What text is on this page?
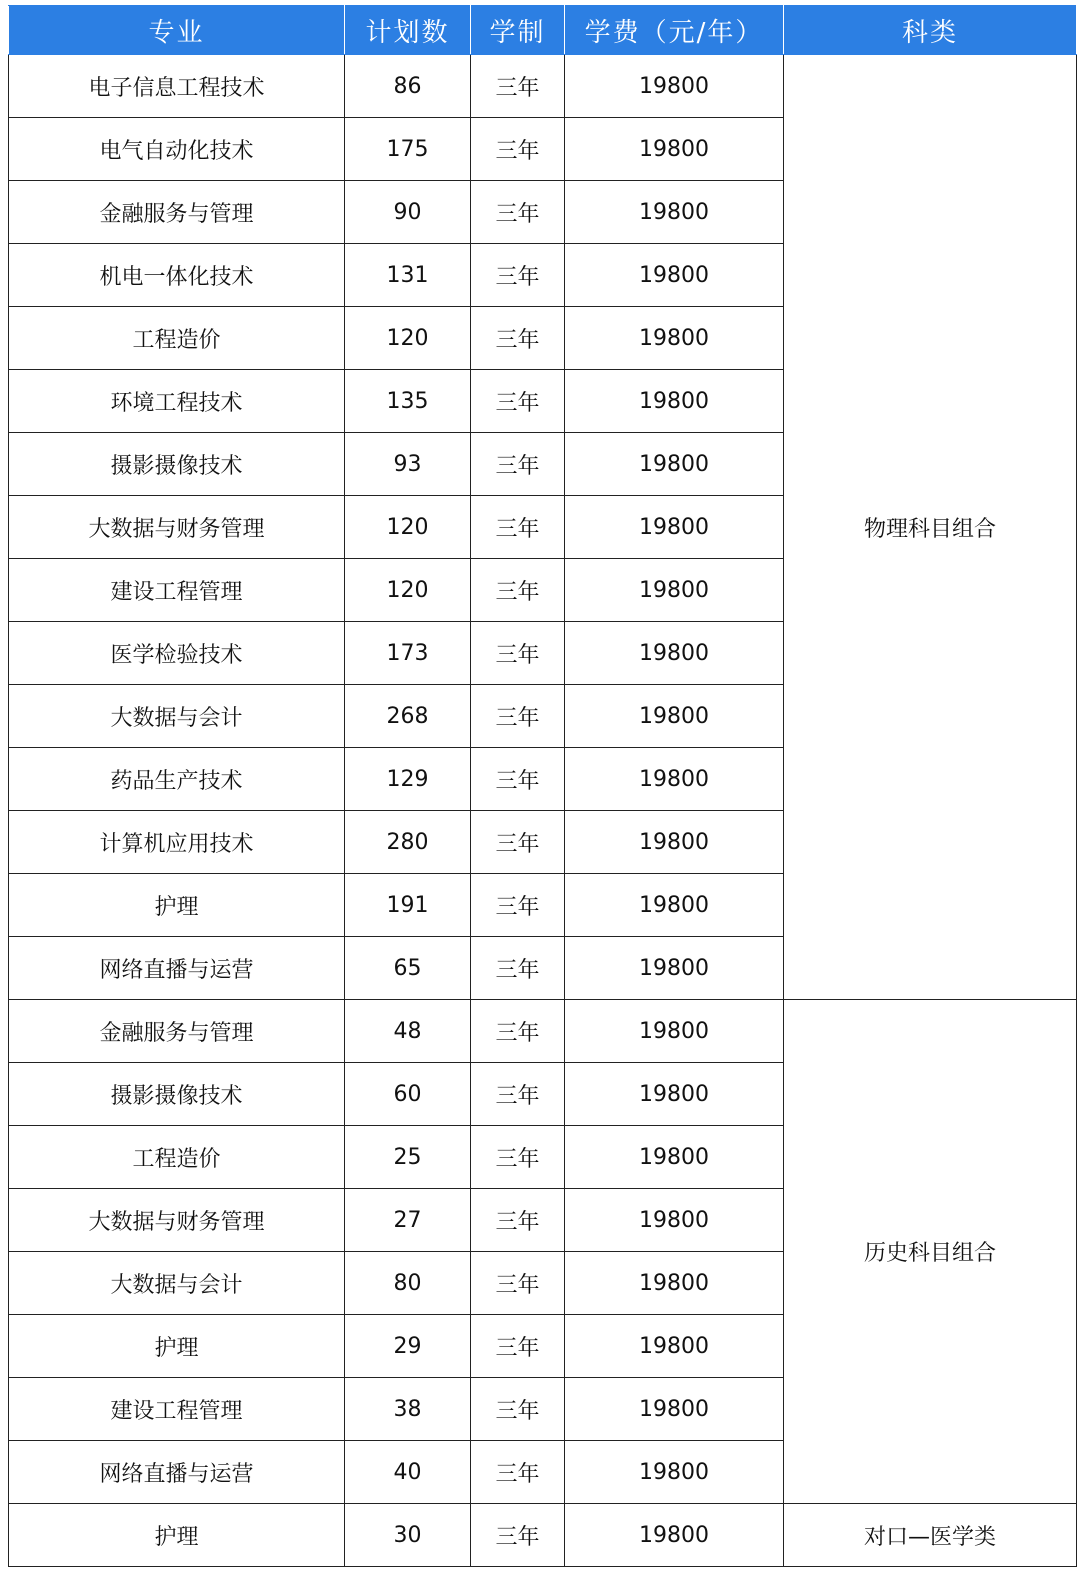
专业	计划数	学制	学费（元/年）	科类
电子信息工程技术	86	三年	19800	物理科目组合
电气自动化技术	175	三年	19800	
金融服务与管理	90	三年	19800	
机电一体化技术	131	三年	19800	
工程造价	120	三年	19800	
环境工程技术	135	三年	19800	
摄影摄像技术	93	三年	19800	
大数据与财务管理	120	三年	19800	
建设工程管理	120	三年	19800	
医学检验技术	173	三年	19800	
大数据与会计	268	三年	19800	
药品生产技术	129	三年	19800	
计算机应用技术	280	三年	19800	
护理	191	三年	19800	
网络直播与运营	65	三年	19800	
金融服务与管理	48	三年	19800	历史科目组合
摄影摄像技术	60	三年	19800	
工程造价	25	三年	19800	
大数据与财务管理	27	三年	19800	
大数据与会计	80	三年	19800	
护理	29	三年	19800	
建设工程管理	38	三年	19800	
网络直播与运营	40	三年	19800	
护理	30	三年	19800	对口—医学类
